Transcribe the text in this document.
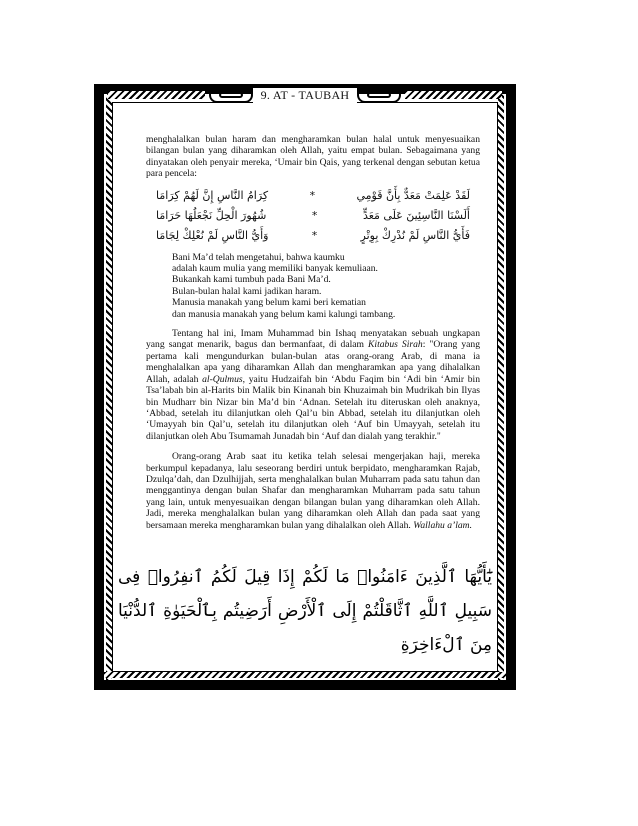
9. AT - TAUBAH

menghalalkan bulan haram dan mengharamkan bulan halal untuk menyesuaikan bilangan bulan yang diharamkan oleh Allah, yaitu empat bulan. Sebagaimana yang dinyatakan oleh penyair mereka, ‘Umair bin Qais, yang terkenal dengan sebutan ketua para pencela:

لَقَدْ عَلِمَتْ مَعَدٌّ بِأَنَّ قَوْمِي
*
كِرَامُ النَّاسِ إِنَّ لَهُمْ كِرَامَا
أَلَسْنَا النَّاسِئِينَ عَلَى مَعَدٍّ
*
شُهُورَ الْحِلِّ نَجْعَلُهَا حَرَامَا
فَأَيُّ النَّاسِ لَمْ نُدْرِكْ بِوِتْرٍ
*
وَأَيُّ النَّاسِ لَمْ نُعْلِكْ لِجَامَا
Bani Ma’d telah mengetahui, bahwa kaumku
adalah kaum mulia yang memiliki banyak kemuliaan.
Bukankah kami tumbuh pada Bani Ma’d.
Bulan-bulan halal kami jadikan haram.
Manusia manakah yang belum kami beri kematian
dan manusia manakah yang belum kami kalungi tambang.

Tentang hal ini, Imam Muhammad bin Ishaq menyatakan sebuah ungkapan yang sangat menarik, bagus dan bermanfaat, di dalam Kitabus Sirah: "Orang yang pertama kali mengundurkan bulan-bulan atas orang-orang Arab, di mana ia menghalalkan apa yang diharamkan Allah dan mengharamkan apa yang dihalalkan Allah, adalah al-Qulmus, yaitu Hudzaifah bin ‘Abdu Faqim bin ‘Adi bin ‘Amir bin Tsa’labah bin al-Harits bin Malik bin Kinanah bin Khuzaimah bin Mudrikah bin Ilyas bin Mudharr bin Nizar bin Ma’d bin ‘Adnan. Setelah itu diteruskan oleh anaknya, ‘Abbad, setelah itu dilanjutkan oleh Qal’u bin Abbad, setelah itu dilanjutkan oleh ‘Umayyah bin Qal’u, setelah itu dilanjutkan oleh ‘Auf bin Umayyah, setelah itu dilanjutkan oleh Abu Tsumamah Junadah bin ‘Auf dan dialah yang terakhir."

Orang-orang Arab saat itu ketika telah selesai mengerjakan haji, mereka berkumpul kepadanya, lalu seseorang berdiri untuk berpidato, mengharamkan Rajab, Dzulqa’dah, dan Dzulhijjah, serta menghalalkan bulan Muharram pada satu tahun dan menggantinya dengan bulan Shafar dan mengharamkan Muharram pada satu tahun yang lain, untuk menyesuaikan dengan bilangan bulan yang diharamkan oleh Allah. Jadi, mereka menghalalkan bulan yang diharamkan oleh Allah dan pada saat yang bersamaan mereka mengharamkan bulan yang dihalalkan oleh Allah. Wallahu a’lam.

يَٰٓأَيُّهَا ٱلَّذِينَ ءَامَنُوا۟ مَا لَكُمْ إِذَا قِيلَ لَكُمُ ٱنفِرُوا۟ فِى سَبِيلِ ٱللَّهِ ٱثَّاقَلْتُمْ إِلَى ٱلْأَرْضِ أَرَضِيتُم بِٱلْحَيَوٰةِ ٱلدُّنْيَا مِنَ ٱلْءَاخِرَةِ
